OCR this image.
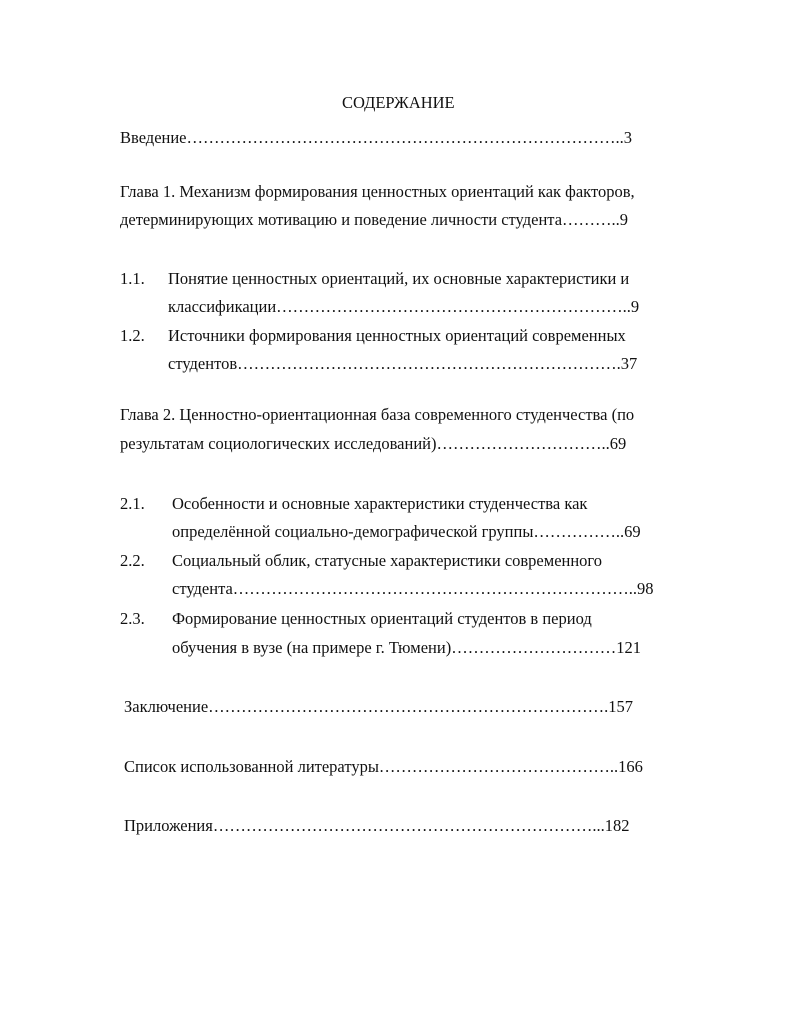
СОДЕРЖАНИЕ
Введение……………………………………………………………………..3
Глава 1. Механизм формирования ценностных ориентаций как факторов,
детерминирующих мотивацию и поведение личности студента………..9
1.1. Понятие ценностных ориентаций, их основные характеристики и
классификации………………………………………………………..9
1.2. Источники формирования ценностных ориентаций современных
студентов…………………………………………………………….37
Глава 2. Ценностно-ориентационная база современного студенчества (по
результатам социологических исследований)…………………………..69
2.1. Особенности и основные характеристики студенчества как
определённой социально-демографической группы……………..69
2.2. Социальный облик, статусные характеристики современного
студента………………………………………………………………..98
2.3. Формирование ценностных ориентаций студентов в период
обучения в вузе (на примере г. Тюмени)…………………………121
Заключение……………………………………………………………….157
Список использованной литературы……………………………………..166
Приложения……………………………………………………………...182
